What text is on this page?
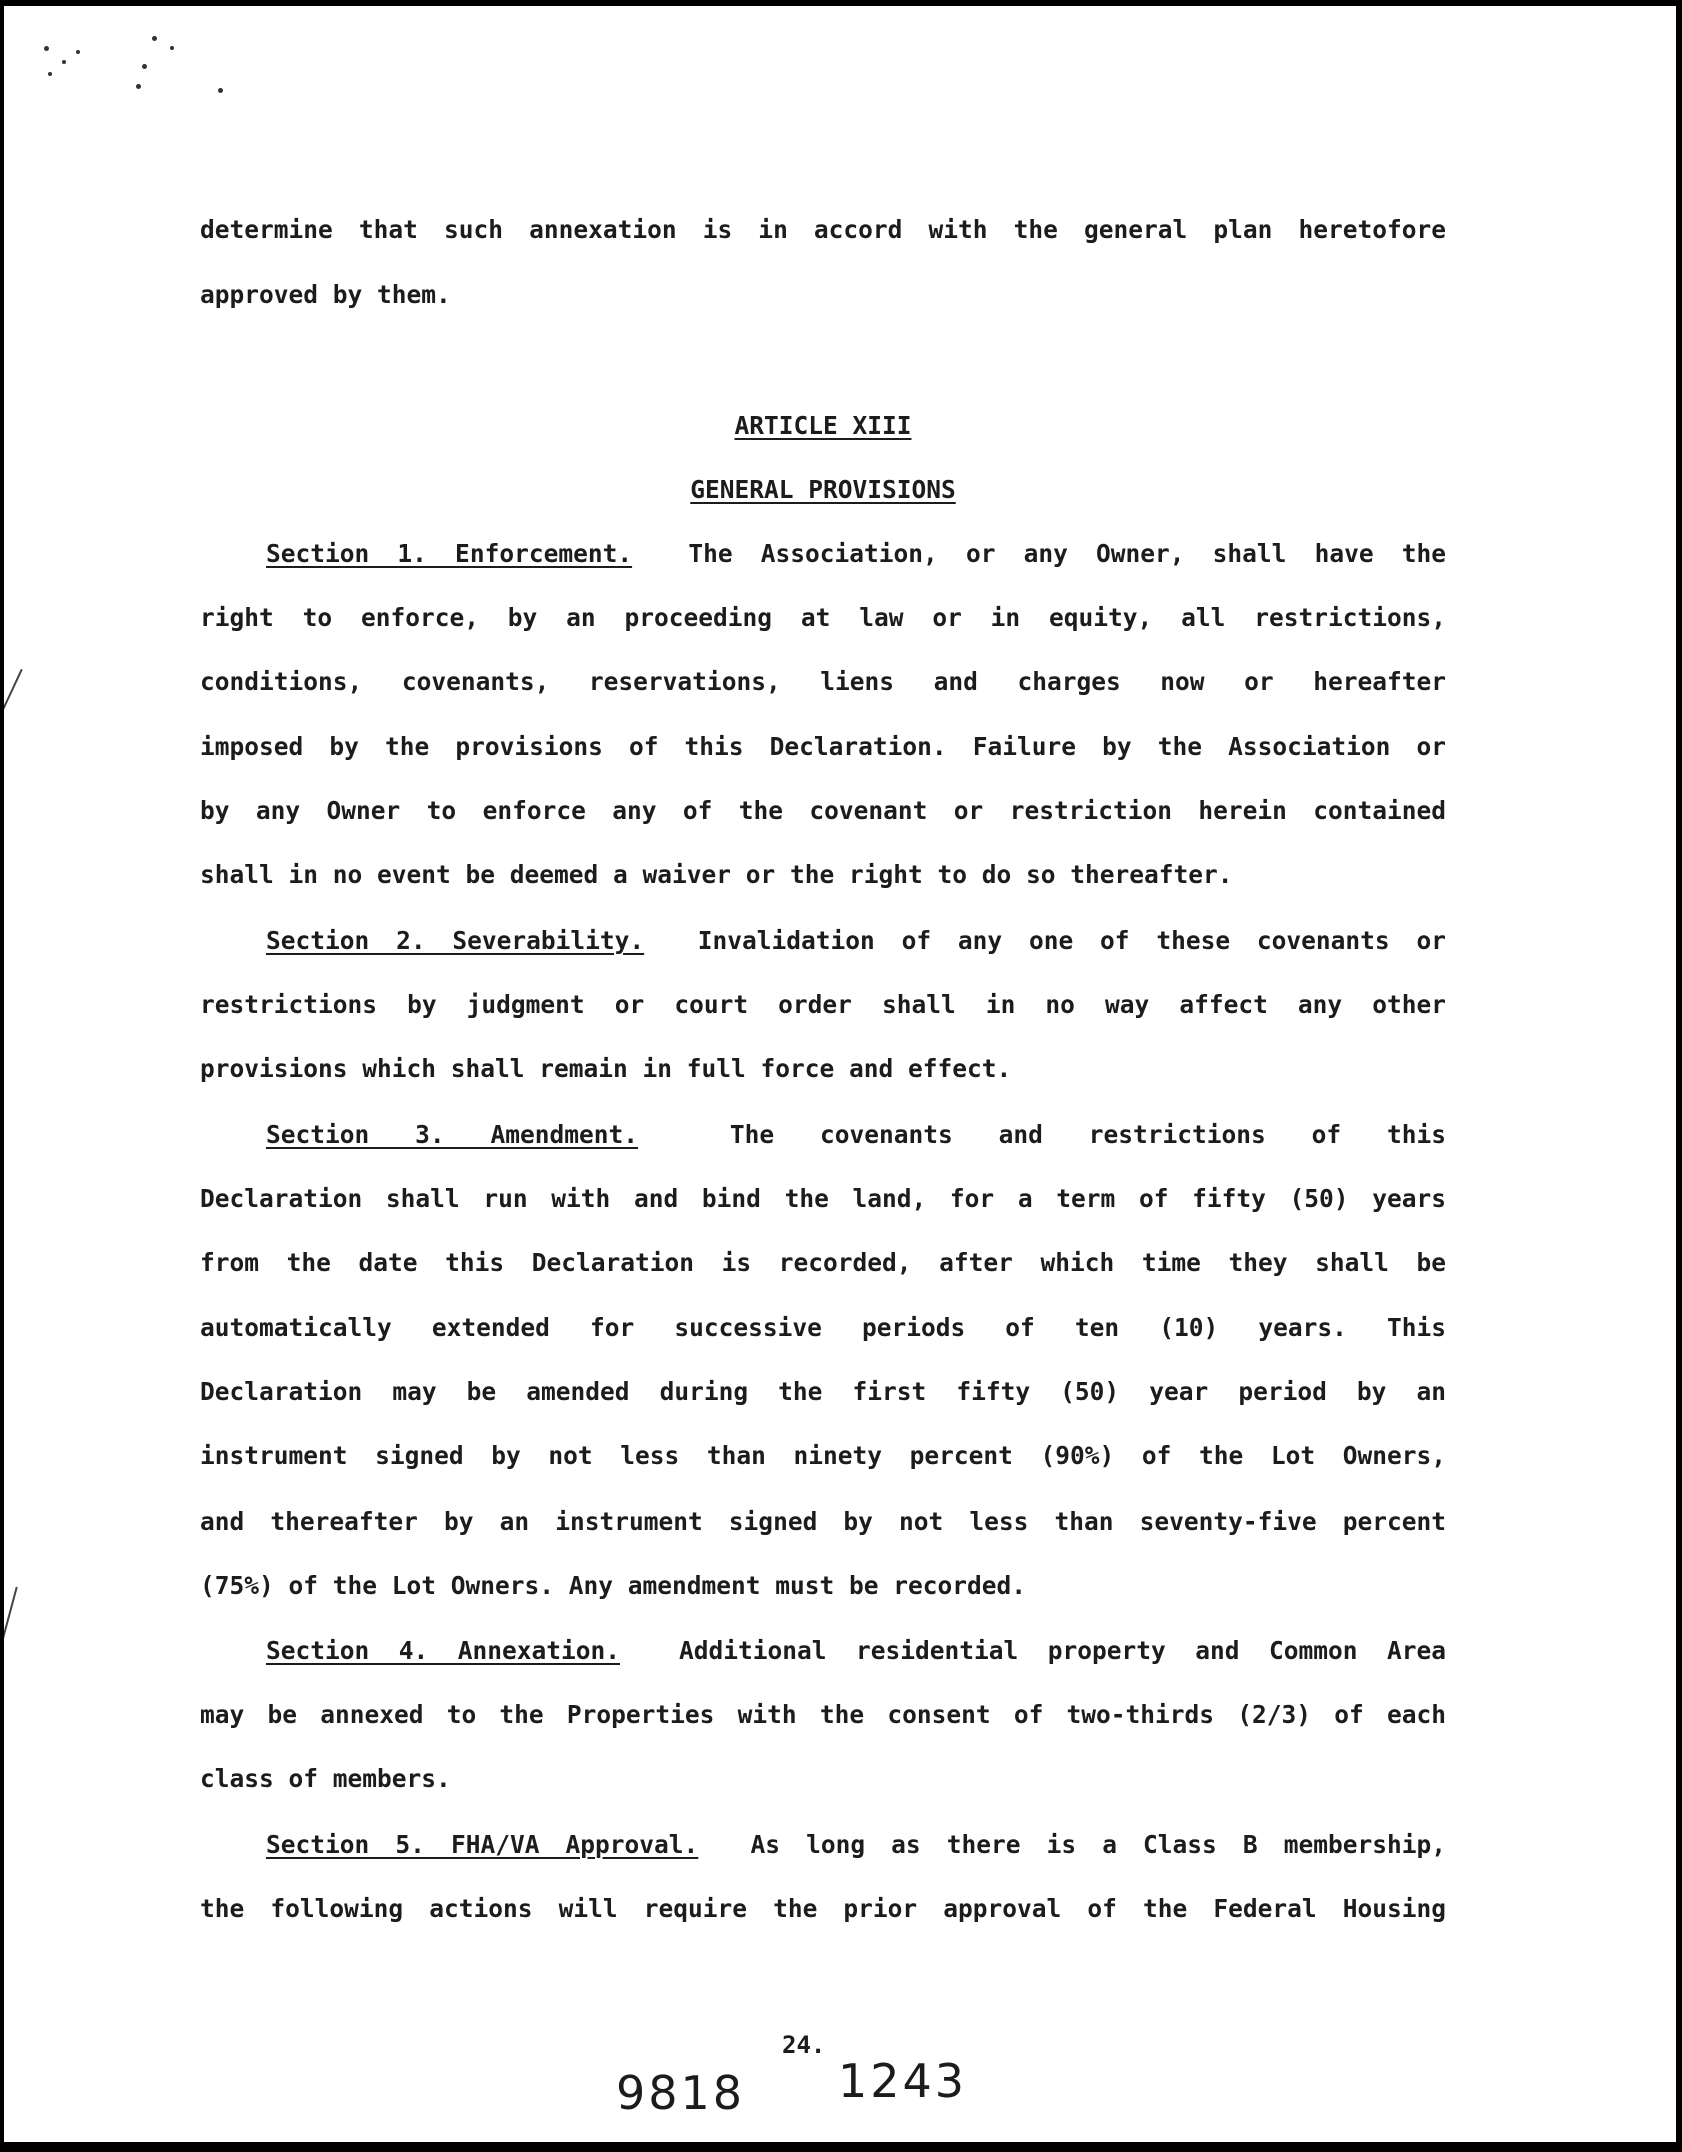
determine that such annexation is in accord with the general plan heretofore

approved by them.

ARTICLE XIII

GENERAL PROVISIONS

Section 1. Enforcement. The Association, or any Owner, shall have the

right to enforce, by an proceeding at law or in equity, all restrictions,

conditions, covenants, reservations, liens and charges now or hereafter

imposed by the provisions of this Declaration. Failure by the Association or

by any Owner to enforce any of the covenant or restriction herein contained

shall in no event be deemed a waiver or the right to do so thereafter.

Section 2. Severability. Invalidation of any one of these covenants or

restrictions by judgment or court order shall in no way affect any other

provisions which shall remain in full force and effect.

Section 3. Amendment.	The covenants and restrictions of this

Declaration shall run with and bind the land, for a term of fifty (50) years

from the date this Declaration is recorded, after which time they shall be

automatically extended for successive periods of ten (10) years. This

Declaration may be amended during the first fifty (50) year period by an

instrument signed by not less than ninety percent (90%) of the Lot Owners,

and thereafter by an instrument signed by not less than seventy-five percent

(75%) of the Lot Owners. Any amendment must be recorded.

Section 4. Annexation. Additional residential property and Common Area

may be annexed to the Properties with the consent of two-thirds (2/3) of each

class of members.

Section 5. FHA/VA Approval. As long as there is a Class B membership,

the following actions will require the prior approval of the Federal Housing

24.
9818 1243
